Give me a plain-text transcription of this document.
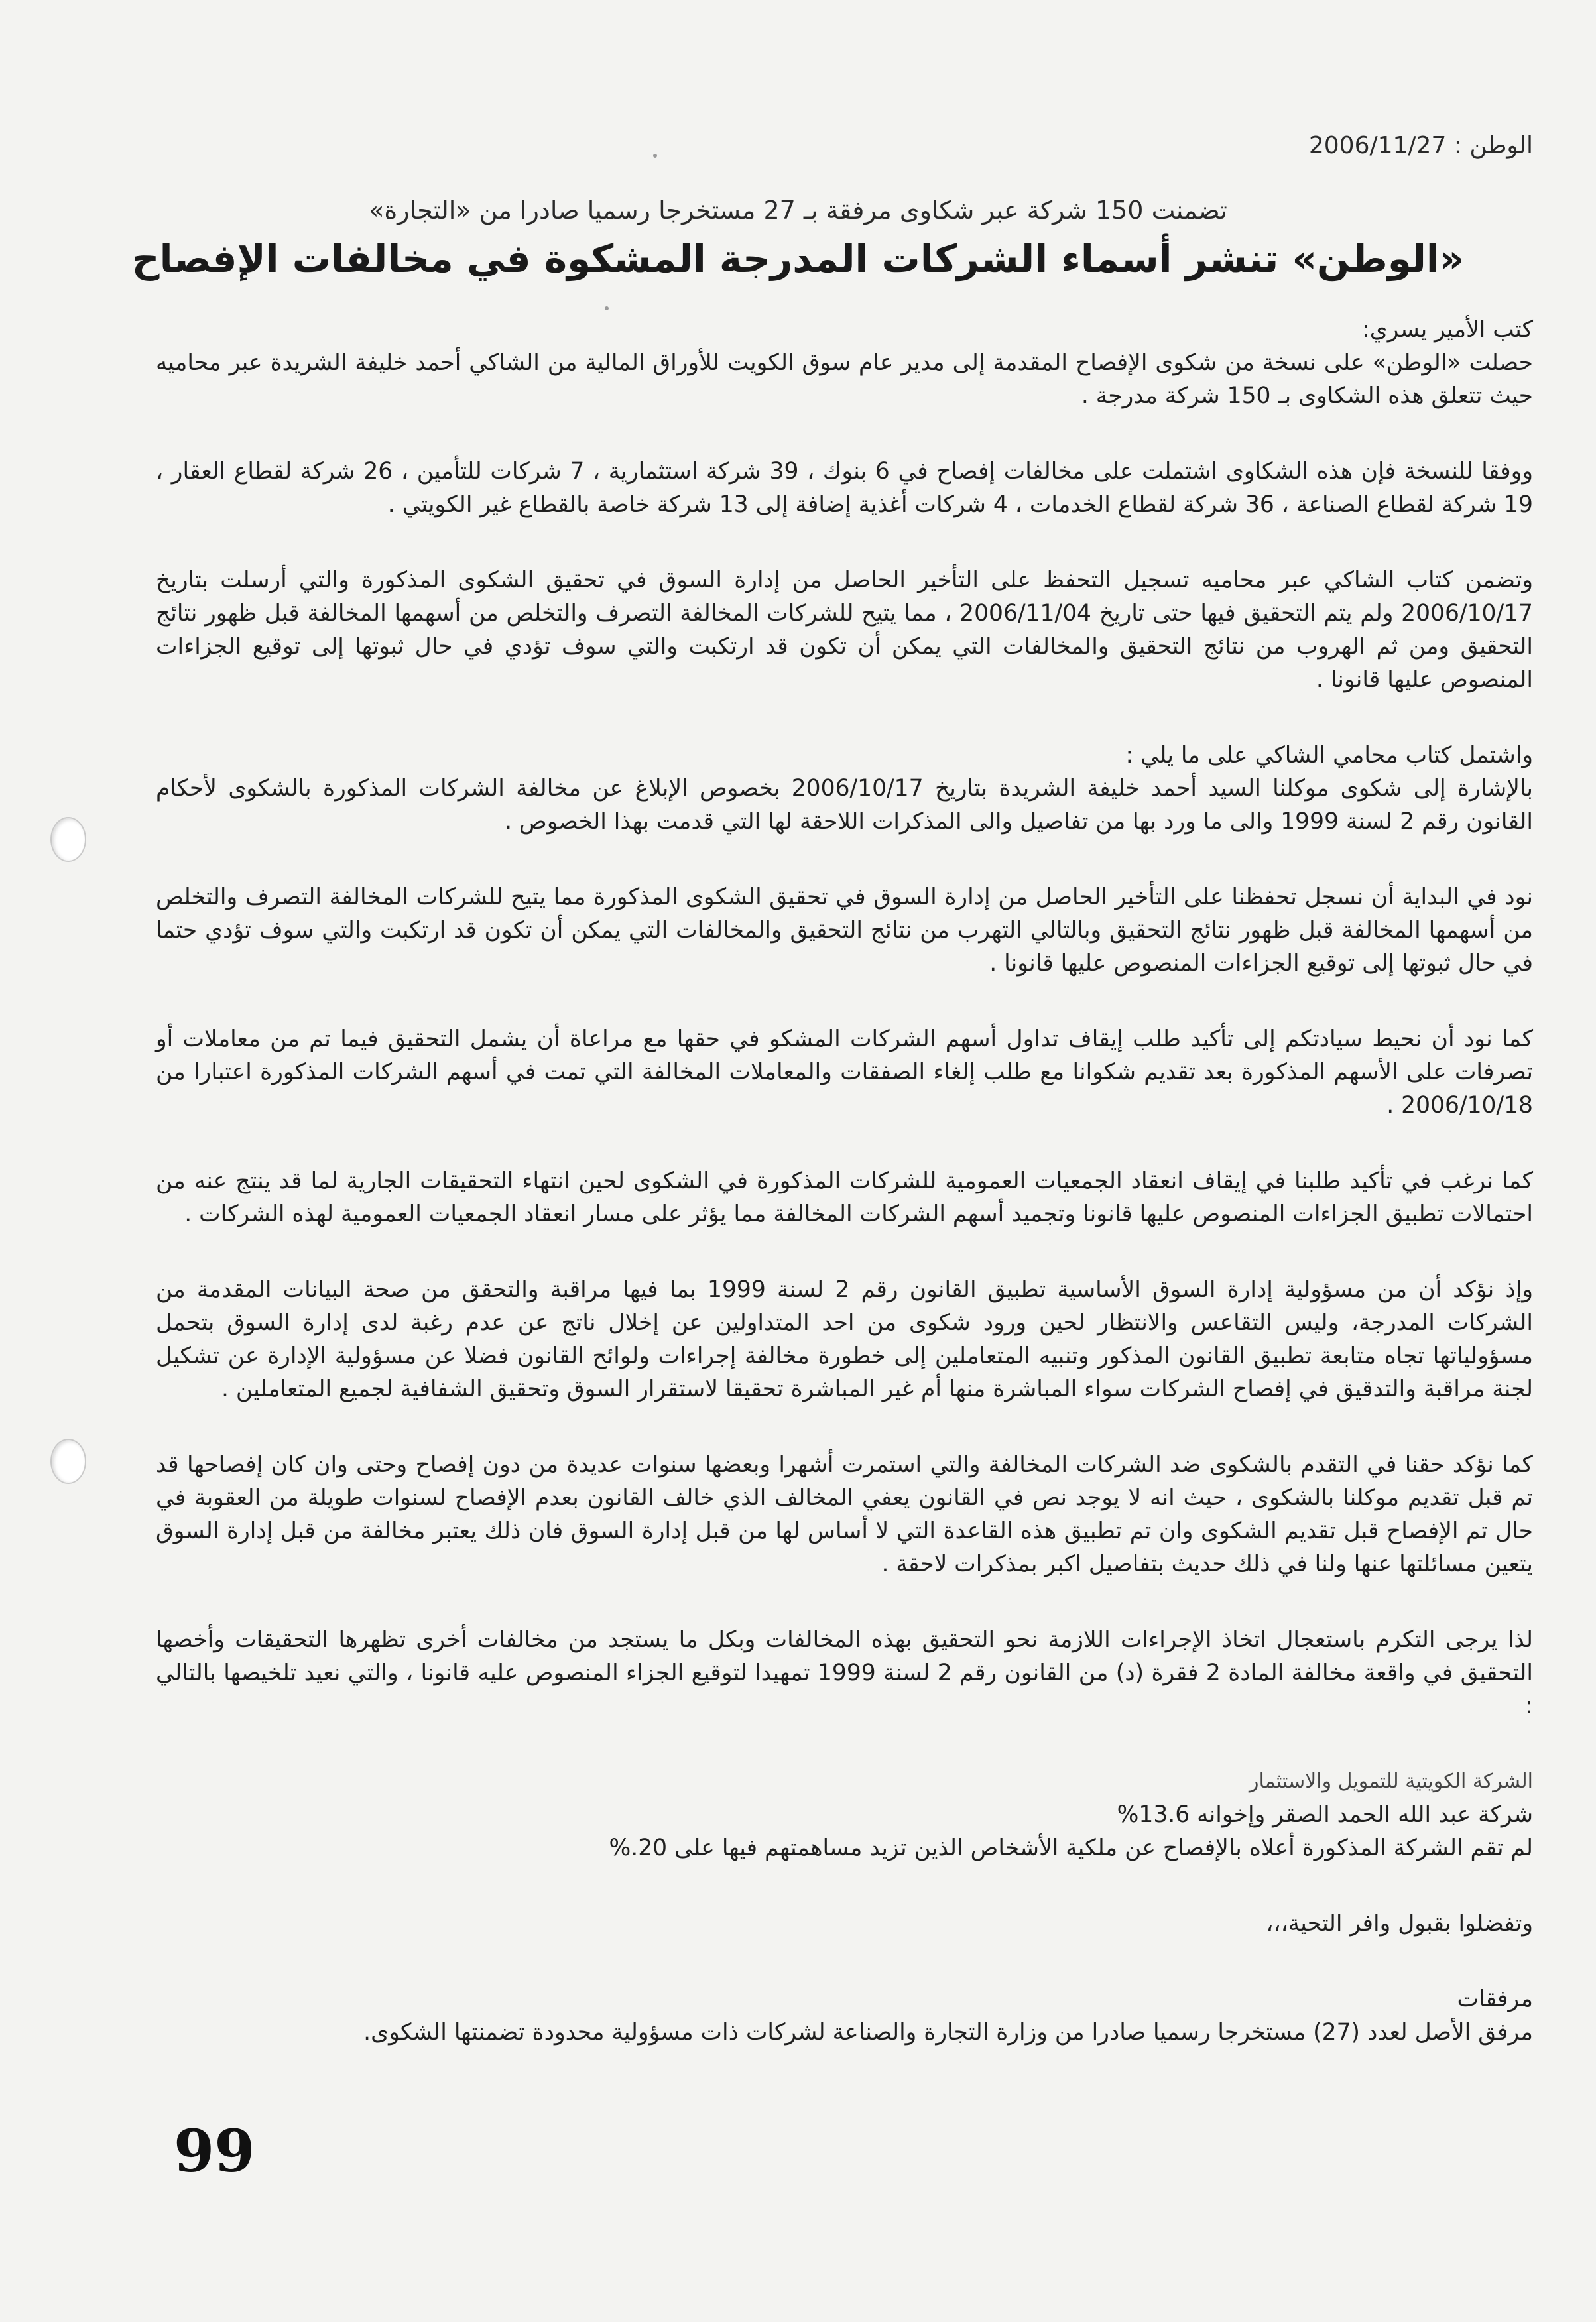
الوطن : 2006/11/27
تضمنت 150 شركة عبر شكاوى مرفقة بـ 27 مستخرجا رسميا صادرا من «التجارة»
«الوطن» تنشر أسماء الشركات المدرجة المشكوة في مخالفات الإفصاح

كتب الأمير يسري:

حصلت «الوطن» على نسخة من شكوى الإفصاح المقدمة إلى مدير عام سوق الكويت للأوراق المالية من الشاكي أحمد خليفة الشريدة عبر محاميه حيث تتعلق هذه الشكاوى بـ 150 شركة مدرجة .

ووفقا للنسخة فإن هذه الشكاوى اشتملت على مخالفات إفصاح في 6 بنوك ، 39 شركة استثمارية ، 7 شركات للتأمين ، 26 شركة لقطاع العقار ، 19 شركة لقطاع الصناعة ، 36 شركة لقطاع الخدمات ، 4 شركات أغذية إضافة إلى 13 شركة خاصة بالقطاع غير الكويتي .

وتضمن كتاب الشاكي عبر محاميه تسجيل التحفظ على التأخير الحاصل من إدارة السوق في تحقيق الشكوى المذكورة والتي أرسلت بتاريخ 2006/10/17 ولم يتم التحقيق فيها حتى تاريخ 2006/11/04 ، مما يتيح للشركات المخالفة التصرف والتخلص من أسهمها المخالفة قبل ظهور نتائج التحقيق ومن ثم الهروب من نتائج التحقيق والمخالفات التي يمكن أن تكون قد ارتكبت والتي سوف تؤدي في حال ثبوتها إلى توقيع الجزاءات المنصوص عليها قانونا .

واشتمل كتاب محامي الشاكي على ما يلي :

بالإشارة إلى شكوى موكلنا السيد أحمد خليفة الشريدة بتاريخ 2006/10/17 بخصوص الإبلاغ عن مخالفة الشركات المذكورة بالشكوى لأحكام القانون رقم 2 لسنة 1999 والى ما ورد بها من تفاصيل والى المذكرات اللاحقة لها التي قدمت بهذا الخصوص .

نود في البداية أن نسجل تحفظنا على التأخير الحاصل من إدارة السوق في تحقيق الشكوى المذكورة مما يتيح للشركات المخالفة التصرف والتخلص من أسهمها المخالفة قبل ظهور نتائج التحقيق وبالتالي التهرب من نتائج التحقيق والمخالفات التي يمكن أن تكون قد ارتكبت والتي سوف تؤدي حتما في حال ثبوتها إلى توقيع الجزاءات المنصوص عليها قانونا .

كما نود أن نحيط سيادتكم إلى تأكيد طلب إيقاف تداول أسهم الشركات المشكو في حقها مع مراعاة أن يشمل التحقيق فيما تم من معاملات أو تصرفات على الأسهم المذكورة بعد تقديم شكوانا مع طلب إلغاء الصفقات والمعاملات المخالفة التي تمت في أسهم الشركات المذكورة اعتبارا من 2006/10/18 .

كما نرغب في تأكيد طلبنا في إيقاف انعقاد الجمعيات العمومية للشركات المذكورة في الشكوى لحين انتهاء التحقيقات الجارية لما قد ينتج عنه من احتمالات تطبيق الجزاءات المنصوص عليها قانونا وتجميد أسهم الشركات المخالفة مما يؤثر على مسار انعقاد الجمعيات العمومية لهذه الشركات .

وإذ نؤكد أن من مسؤولية إدارة السوق الأساسية تطبيق القانون رقم 2 لسنة 1999 بما فيها مراقبة والتحقق من صحة البيانات المقدمة من الشركات المدرجة، وليس التقاعس والانتظار لحين ورود شكوى من احد المتداولين عن إخلال ناتج عن عدم رغبة لدى إدارة السوق بتحمل مسؤولياتها تجاه متابعة تطبيق القانون المذكور وتنبيه المتعاملين إلى خطورة مخالفة إجراءات ولوائح القانون فضلا عن مسؤولية الإدارة عن تشكيل لجنة مراقبة والتدقيق في إفصاح الشركات سواء المباشرة منها أم غير المباشرة تحقيقا لاستقرار السوق وتحقيق الشفافية لجميع المتعاملين .

كما نؤكد حقنا في التقدم بالشكوى ضد الشركات المخالفة والتي استمرت أشهرا وبعضها سنوات عديدة من دون إفصاح وحتى وان كان إفصاحها قد تم قبل تقديم موكلنا بالشكوى ، حيث انه لا يوجد نص في القانون يعفي المخالف الذي خالف القانون بعدم الإفصاح لسنوات طويلة من العقوبة في حال تم الإفصاح قبل تقديم الشكوى وان تم تطبيق هذه القاعدة التي لا أساس لها من قبل إدارة السوق فان ذلك يعتبر مخالفة من قبل إدارة السوق يتعين مسائلتها عنها ولنا في ذلك حديث بتفاصيل اكبر بمذكرات لاحقة .

لذا يرجى التكرم باستعجال اتخاذ الإجراءات اللازمة نحو التحقيق بهذه المخالفات وبكل ما يستجد من مخالفات أخرى تظهرها التحقيقات وأخصها التحقيق في واقعة مخالفة المادة 2 فقرة (د) من القانون رقم 2 لسنة 1999 تمهيدا لتوقيع الجزاء المنصوص عليه قانونا ، والتي نعيد تلخيصها بالتالي :

الشركة الكويتية للتمويل والاستثمار

شركة عبد الله الحمد الصقر وإخوانه 13.6%

لم تقم الشركة المذكورة أعلاه بالإفصاح عن ملكية الأشخاص الذين تزيد مساهمتهم فيها على 20.%

وتفضلوا بقبول وافر التحية،،،

مرفقات

مرفق الأصل لعدد (27) مستخرجا رسميا صادرا من وزارة التجارة والصناعة لشركات ذات مسؤولية محدودة تضمنتها الشكوى.

99
